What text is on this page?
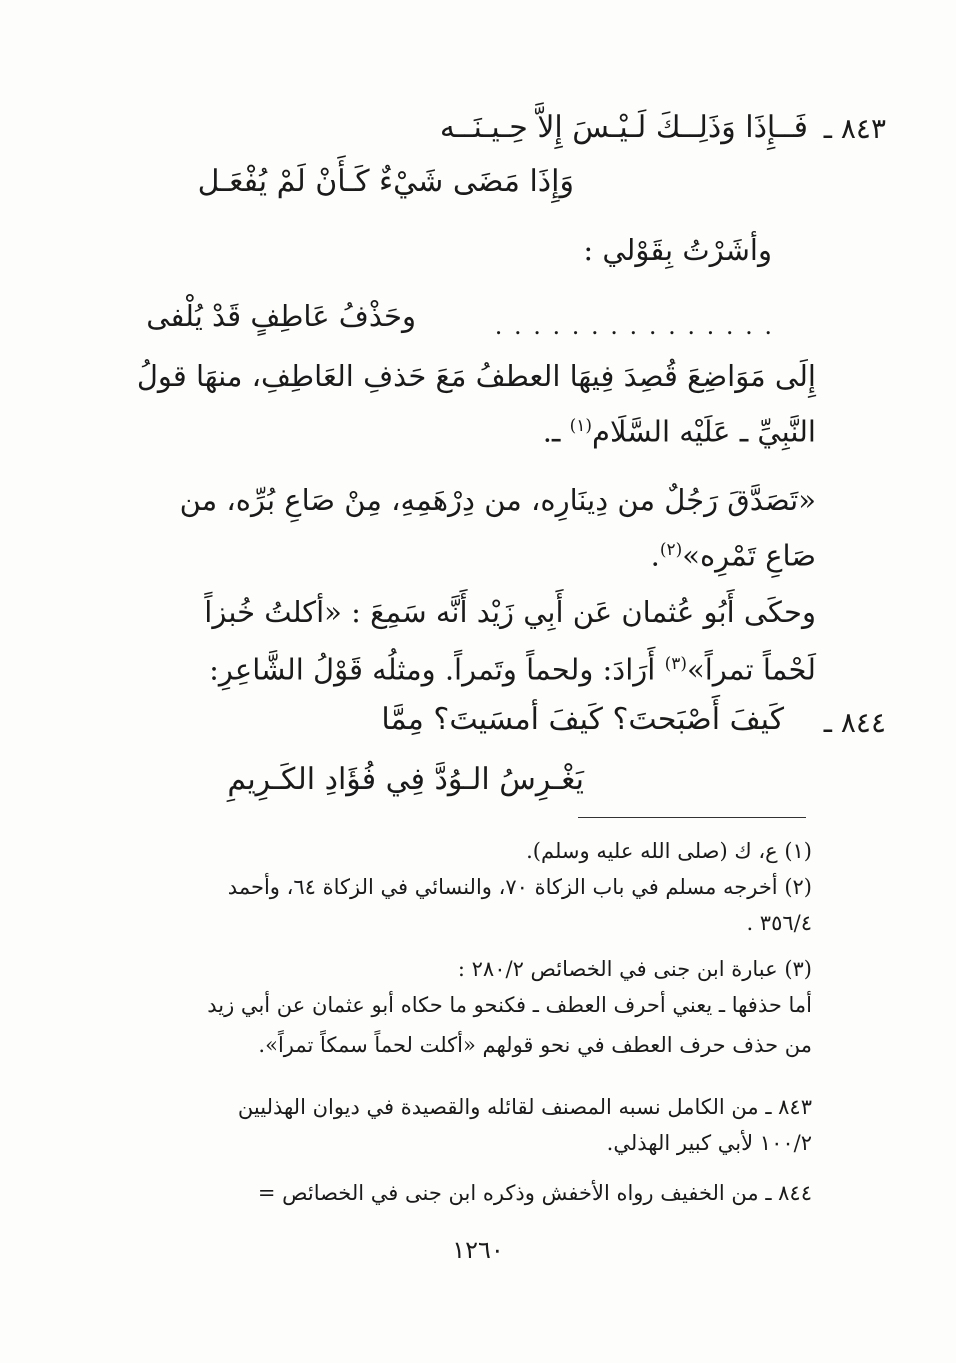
٨٤٣ ـ
فَــإِذَا وَذَلِــكَ لَـيْـسَ إِلاَّ حِـيـنَــه
وَإِذَا مَضَى شَيْءٌ كَـأَنْ لَمْ يُفْعَـل
وأشَرْتُ بِقَوْلي :
. . . . . . . . . . . . . . .
وحَذْفُ عَاطِفٍ قَدْ يُلْفى
إِلَى مَوَاضِعَ قُصِدَ فِيهَا العطفُ مَعَ حَذفِ العَاطِفِ، منهَا قولُ
النَّبِيِّ ـ عَلَيْه السَّلَام$^{(١)}$ ـ.
«تَصَدَّقَ رَجُلٌ من دِينَارِه، من دِرْهَمِهِ، مِنْ صَاعِ بُرِّه، من
صَاعِ تَمْرِه»$^{(٢)}$.
وحكَى أَبُو عُثمان عَن أَبِي زَيْد أَنَّه سَمِعَ : «أكلتُ خُبزاً
لَحْماً تمراً»$^{(٣)}$ أَرَادَ: ولحماً وتَمراً. ومثلُه قَوْلُ الشَّاعِرِ:
٨٤٤ ـ
كَيفَ أَصْبَحتَ؟ كَيفَ أمسَيتَ؟ مِمَّا
يَغْـرِسُ الـوُدَّ فِي فُؤَادِ الكَـرِيمِ
(١) ع، ك (صلى الله عليه وسلم).
(٢) أخرجه مسلم في باب الزكاة ٧٠، والنسائي في الزكاة ٦٤، وأحمد
٣٥٦/٤ .
(٣) عبارة ابن جنى في الخصائص ٢٨٠/٢ :
أما حذفها ـ يعني أحرف العطف ـ فكنحو ما حكاه أبو عثمان عن أبي زيد
من حذف حرف العطف في نحو قولهم «أكلت لحماً سمكاً تمراً».
٨٤٣ ـ من الكامل نسبه المصنف لقائله والقصيدة في ديوان الهذليين
١٠٠/٢ لأبي كبير الهذلي.
٨٤٤ ـ من الخفيف رواه الأخفش وذكره ابن جنى في الخصائص =
١٢٦٠
